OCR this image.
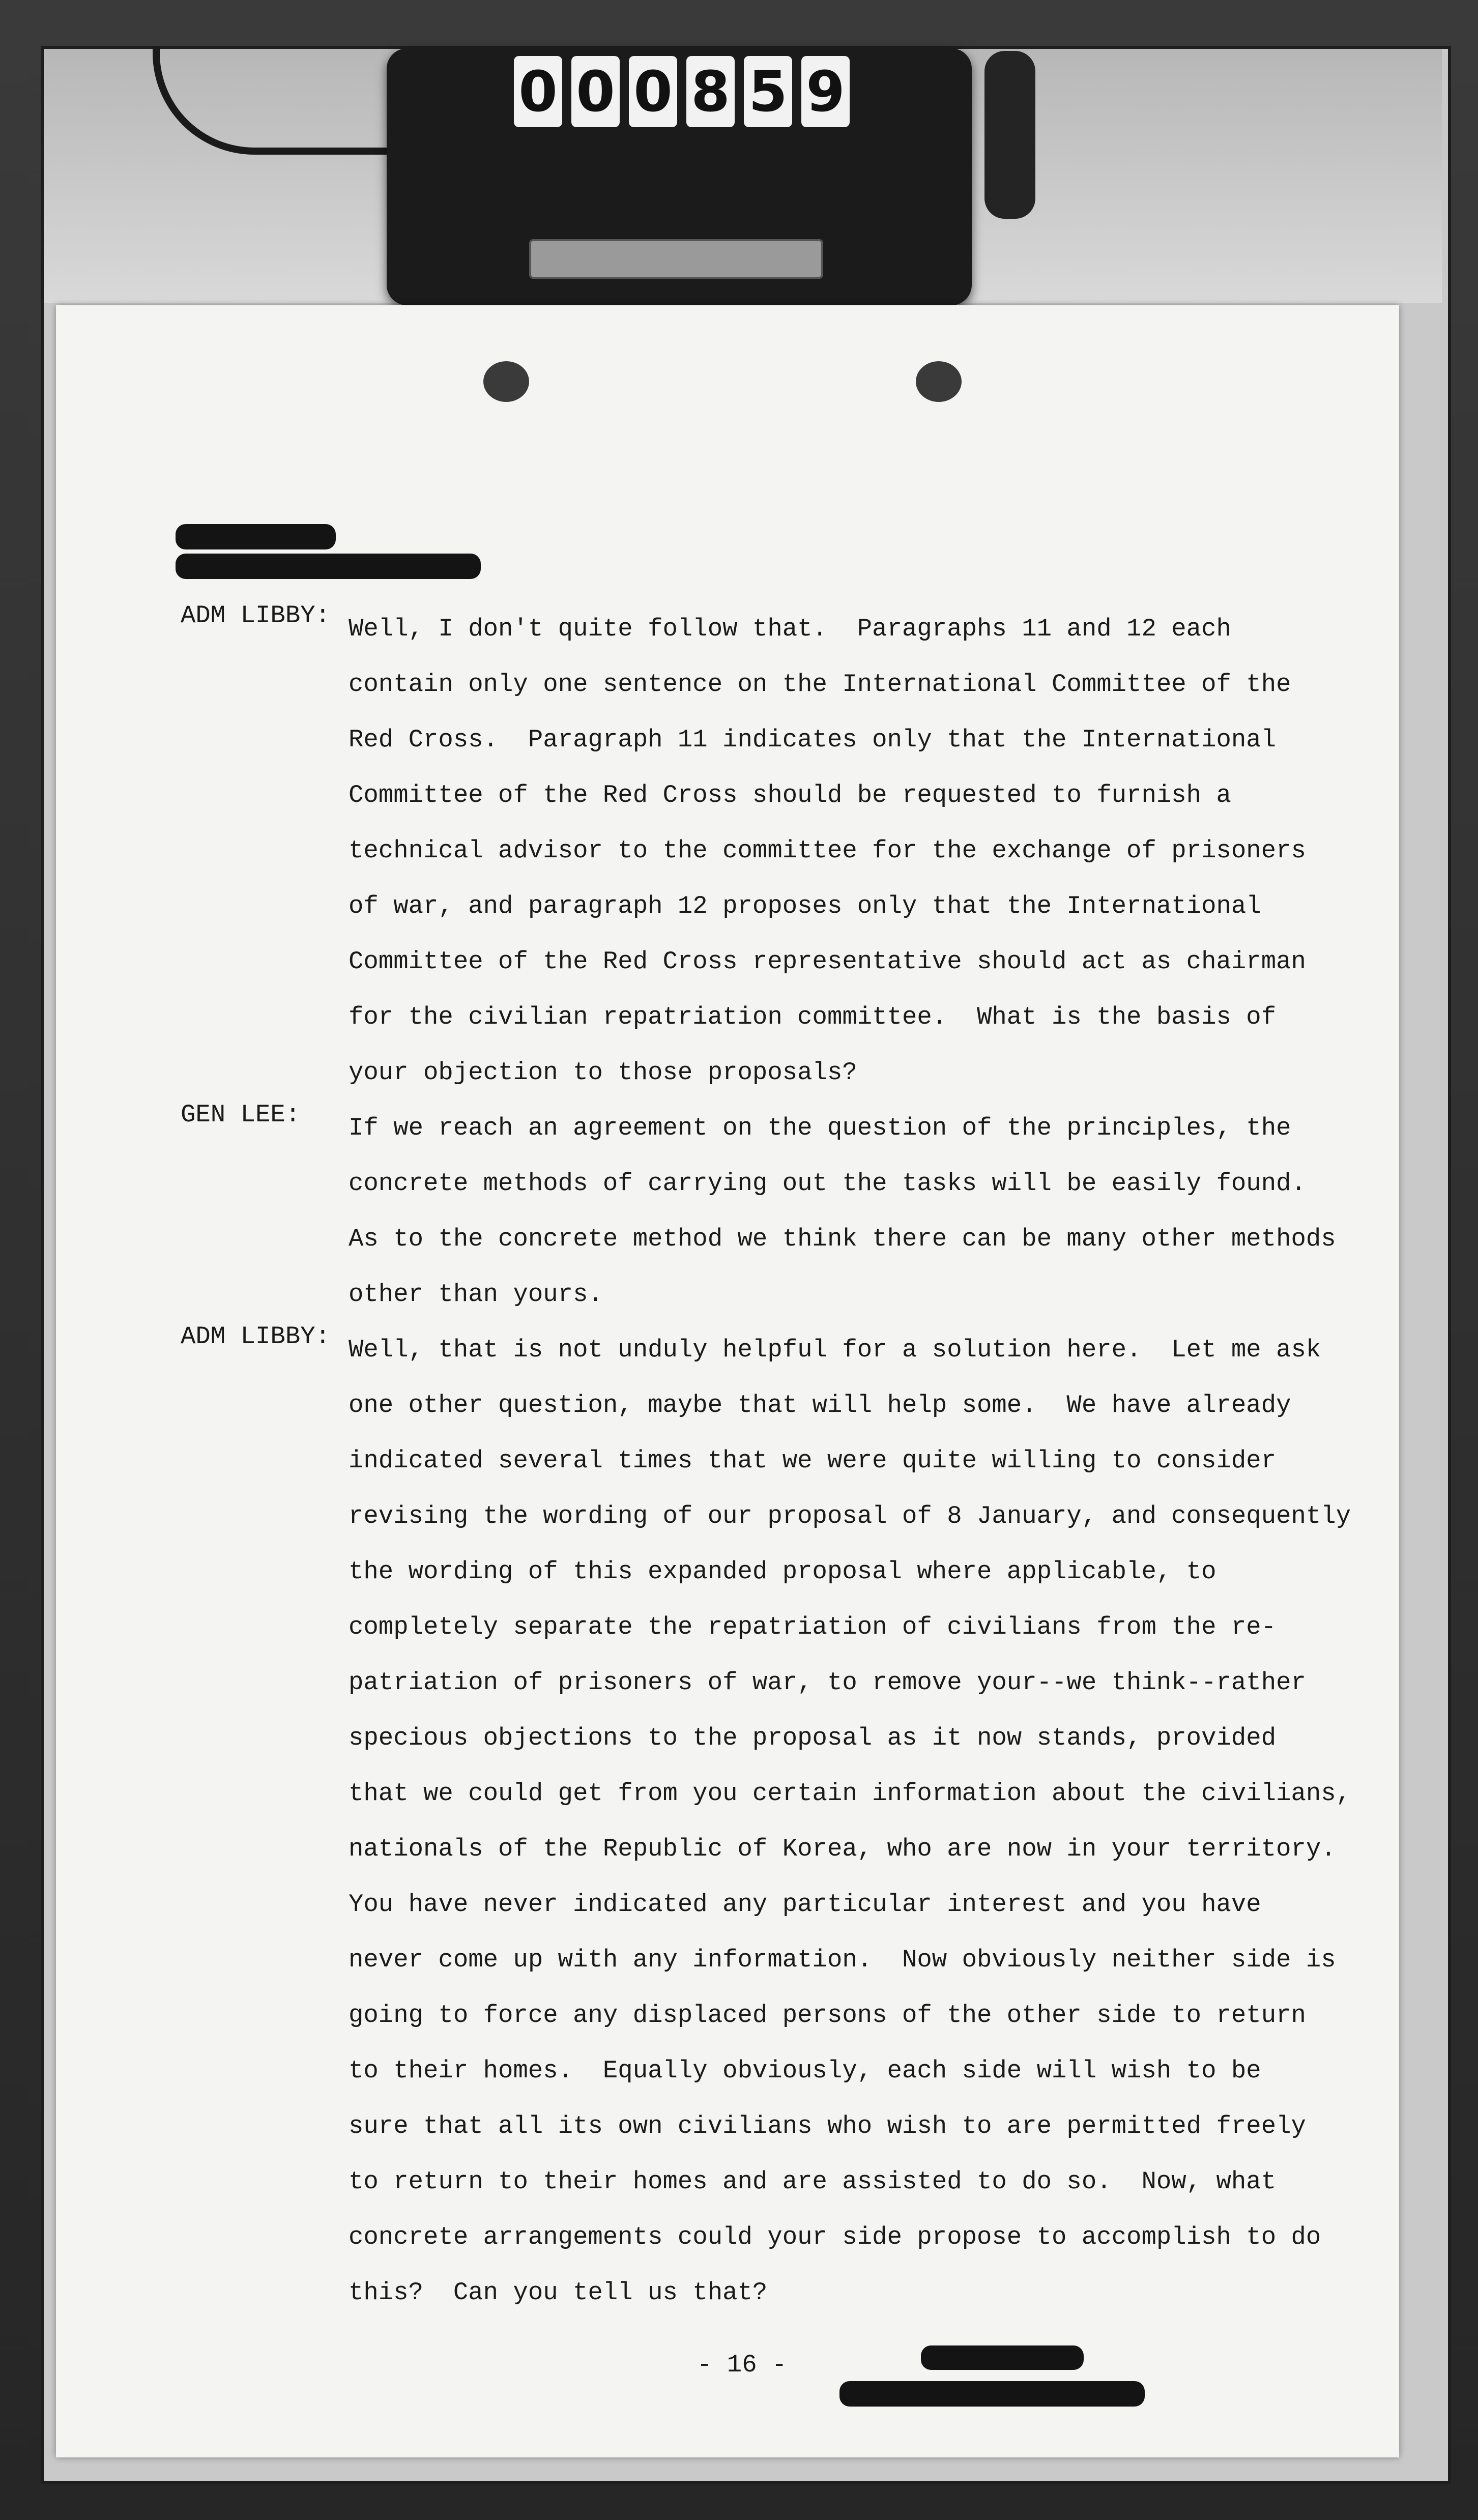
0 0 0 8 5 9
ADM LIBBY: Well, I don't quite follow that.  Paragraphs 11 and 12 each
contain only one sentence on the International Committee of the
Red Cross.  Paragraph 11 indicates only that the International
Committee of the Red Cross should be requested to furnish a
technical advisor to the committee for the exchange of prisoners
of war, and paragraph 12 proposes only that the International
Committee of the Red Cross representative should act as chairman
for the civilian repatriation committee.  What is the basis of
your objection to those proposals?
GEN LEE: If we reach an agreement on the question of the principles, the
concrete methods of carrying out the tasks will be easily found.
As to the concrete method we think there can be many other methods
other than yours.
ADM LIBBY: Well, that is not unduly helpful for a solution here.  Let me ask
one other question, maybe that will help some.  We have already
indicated several times that we were quite willing to consider
revising the wording of our proposal of 8 January, and consequently
the wording of this expanded proposal where applicable, to
completely separate the repatriation of civilians from the re-
patriation of prisoners of war, to remove your--we think--rather
specious objections to the proposal as it now stands, provided
that we could get from you certain information about the civilians,
nationals of the Republic of Korea, who are now in your territory.
You have never indicated any particular interest and you have
never come up with any information.  Now obviously neither side is
going to force any displaced persons of the other side to return
to their homes.  Equally obviously, each side will wish to be
sure that all its own civilians who wish to are permitted freely
to return to their homes and are assisted to do so.  Now, what
concrete arrangements could your side propose to accomplish to do
this?  Can you tell us that?
- 16 -
